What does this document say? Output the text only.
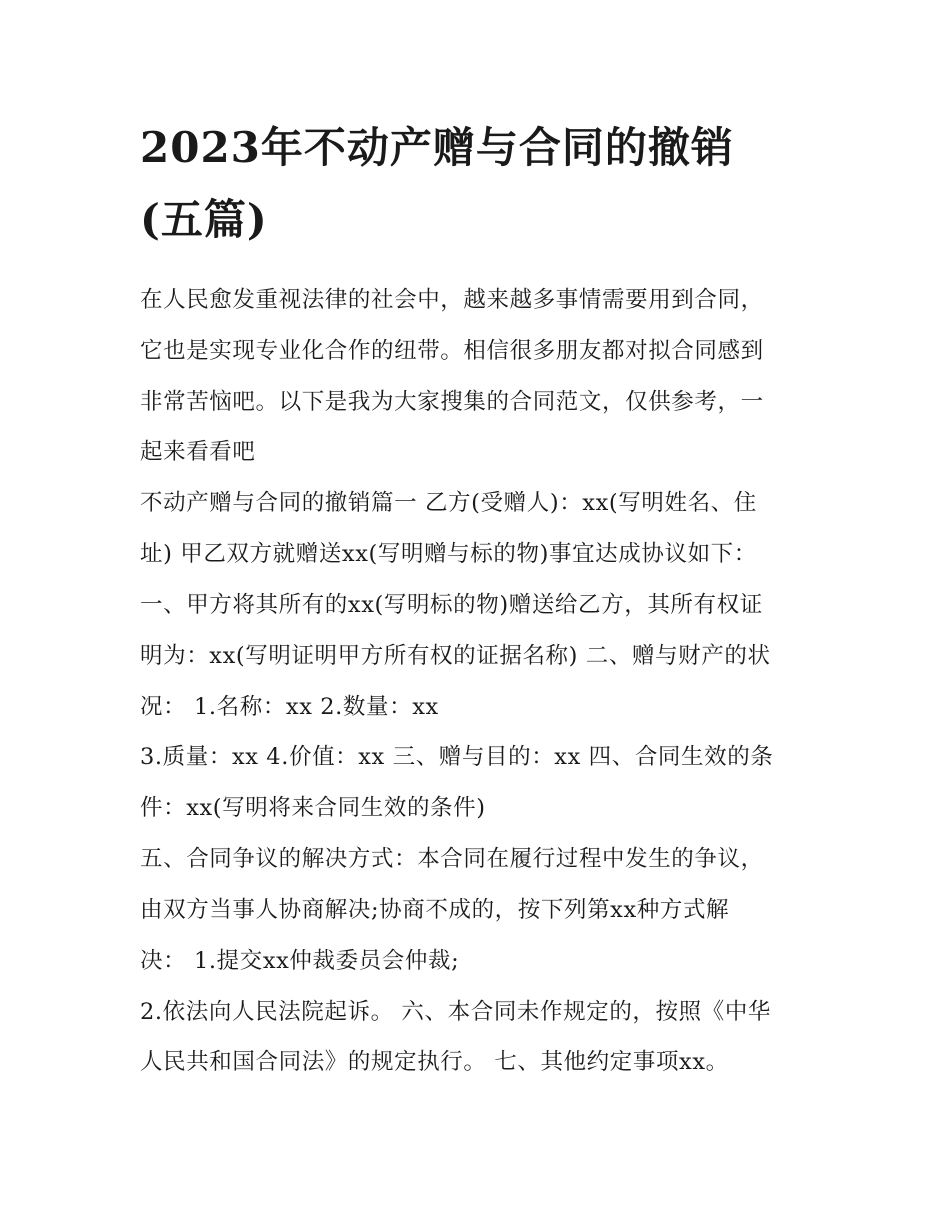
2023年不动产赠与合同的撤销
(五篇)

在人民愈发重视法律的社会中，越来越多事情需要用到合同，

它也是实现专业化合作的纽带。相信很多朋友都对拟合同感到

非常苦恼吧。以下是我为大家搜集的合同范文，仅供参考，一

起来看看吧

不动产赠与合同的撤销篇一 乙方(受赠人)：xx(写明姓名、住

址) 甲乙双方就赠送xx(写明赠与标的物)事宜达成协议如下：

一、甲方将其所有的xx(写明标的物)赠送给乙方，其所有权证

明为：xx(写明证明甲方所有权的证据名称) 二、赠与财产的状

况： 1.名称：xx 2.数量：xx

3.质量：xx 4.价值：xx 三、赠与目的：xx 四、合同生效的条

件：xx(写明将来合同生效的条件)

五、合同争议的解决方式：本合同在履行过程中发生的争议，

由双方当事人协商解决;协商不成的，按下列第xx种方式解

决： 1.提交xx仲裁委员会仲裁;

2.依法向人民法院起诉。 六、本合同未作规定的，按照《中华

人民共和国合同法》的规定执行。 七、其他约定事项xx。
